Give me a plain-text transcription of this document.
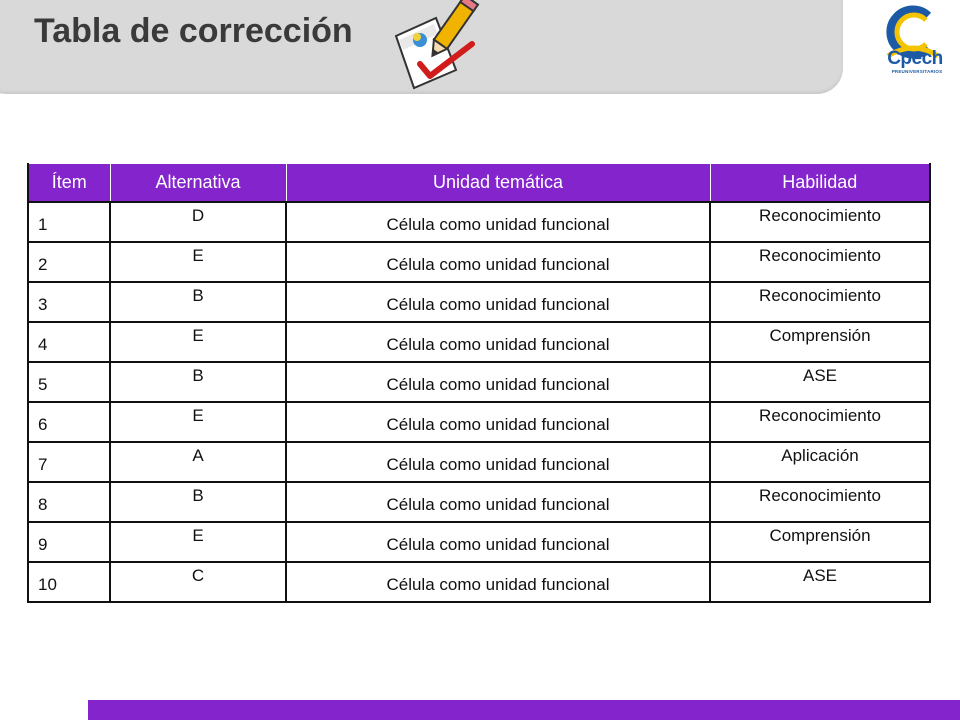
Tabla de corrección
Cpech
PREUNIVERSITARIOS
Ítem	Alternativa	Unidad temática	Habilidad
1	D	Célula como unidad funcional	Reconocimiento
2	E	Célula como unidad funcional	Reconocimiento
3	B	Célula como unidad funcional	Reconocimiento
4	E	Célula como unidad funcional	Comprensión
5	B	Célula como unidad funcional	ASE
6	E	Célula como unidad funcional	Reconocimiento
7	A	Célula como unidad funcional	Aplicación
8	B	Célula como unidad funcional	Reconocimiento
9	E	Célula como unidad funcional	Comprensión
10	C	Célula como unidad funcional	ASE
